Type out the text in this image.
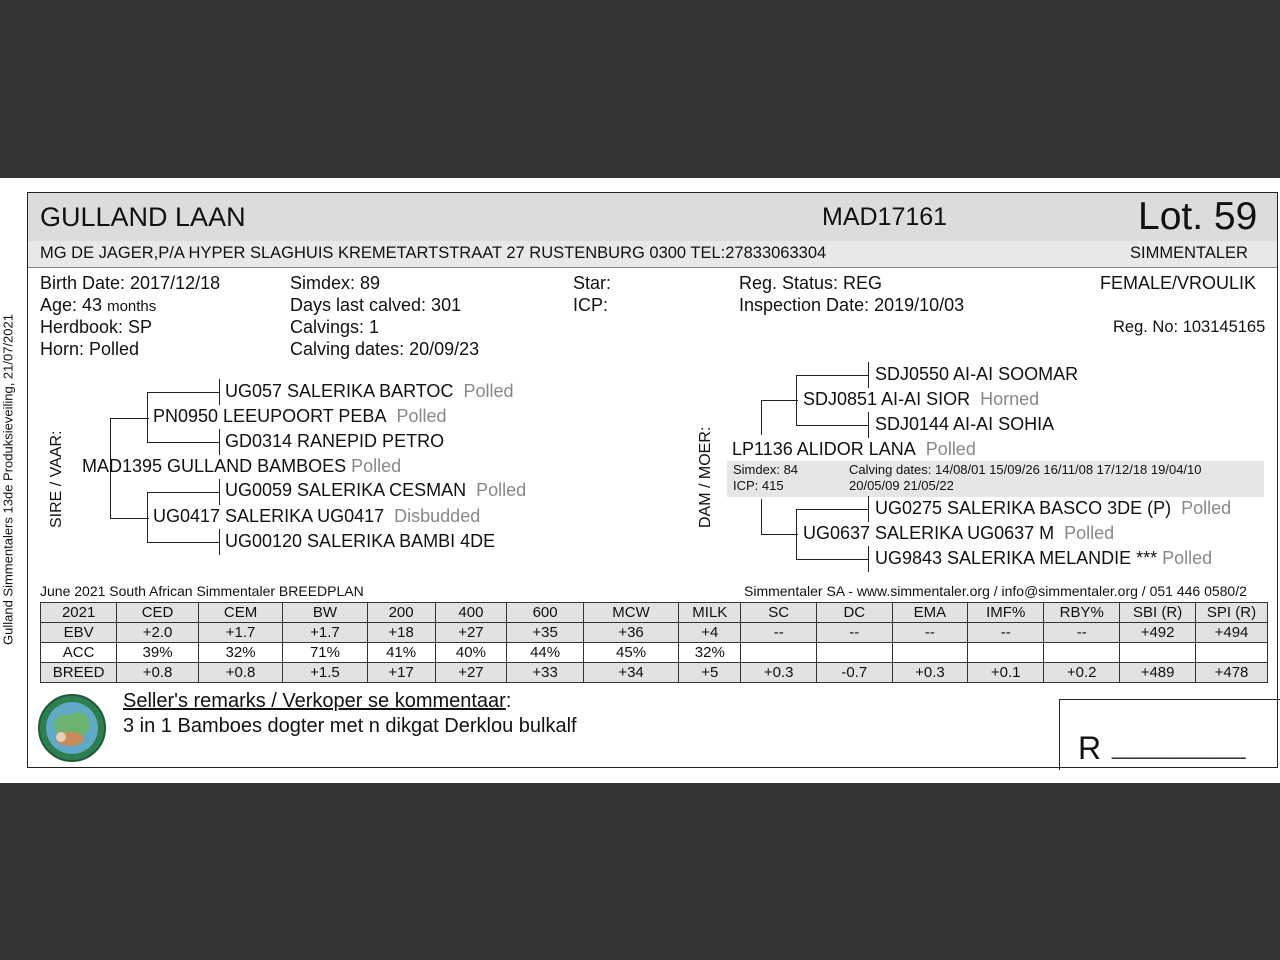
Gulland Simmentalers 13de Produksieveiling, 21/07/2021
GULLAND LAAN	MAD17161	Lot. 59
MG DE JAGER,P/A HYPER SLAGHUIS KREMETARTSTRAAT 27 RUSTENBURG 0300 TEL:27833063304	SIMMENTALER
Birth Date: 2017/12/18
Age: 43 months
Herdbook: SP
Horn: Polled
Simdex: 89
Days last calved: 301
Calvings: 1
Calving dates: 20/09/23
Star:
ICP:
Reg. Status: REG
Inspection Date: 2019/10/03
FEMALE/VROULIK
Reg. No: 103145165
SIRE / VAAR:
UG057 SALERIKA BARTOC Polled
PN0950 LEEUPOORT PEBA Polled
GD0314 RANEPID PETRO
MAD1395 GULLAND BAMBOES Polled
UG0059 SALERIKA CESMAN Polled
UG0417 SALERIKA UG0417 Disbudded
UG00120 SALERIKA BAMBI 4DE
DAM / MOER:
SDJ0550 AI-AI SOOMAR
SDJ0851 AI-AI SIOR Horned
SDJ0144 AI-AI SOHIA
LP1136 ALIDOR LANA Polled
Simdex: 84
ICP: 415
Calving dates: 14/08/01 15/09/26 16/11/08 17/12/18 19/04/10
20/05/09 21/05/22
UG0275 SALERIKA BASCO 3DE (P) Polled
UG0637 SALERIKA UG0637 M Polled
UG9843 SALERIKA MELANDIE *** Polled
June 2021 South African Simmentaler BREEDPLAN	Simmentaler SA - www.simmentaler.org / info@simmentaler.org / 051 446 0580/2
2021	CED	CEM	BW	200	400	600	MCW	MILK	SC	DC	EMA	IMF%	RBY%	SBI (R)	SPI (R)
EBV	+2.0	+1.7	+1.7	+18	+27	+35	+36	+4	--	--	--	--	--	+492	+494
ACC	39%	32%	71%	41%	40%	44%	45%	32%							
BREED	+0.8	+0.8	+1.5	+17	+27	+33	+34	+5	+0.3	-0.7	+0.3	+0.1	+0.2	+489	+478
Seller's remarks / Verkoper se kommentaar:
3 in 1 Bamboes dogter met n dikgat Derklou bulkalf
R __________
